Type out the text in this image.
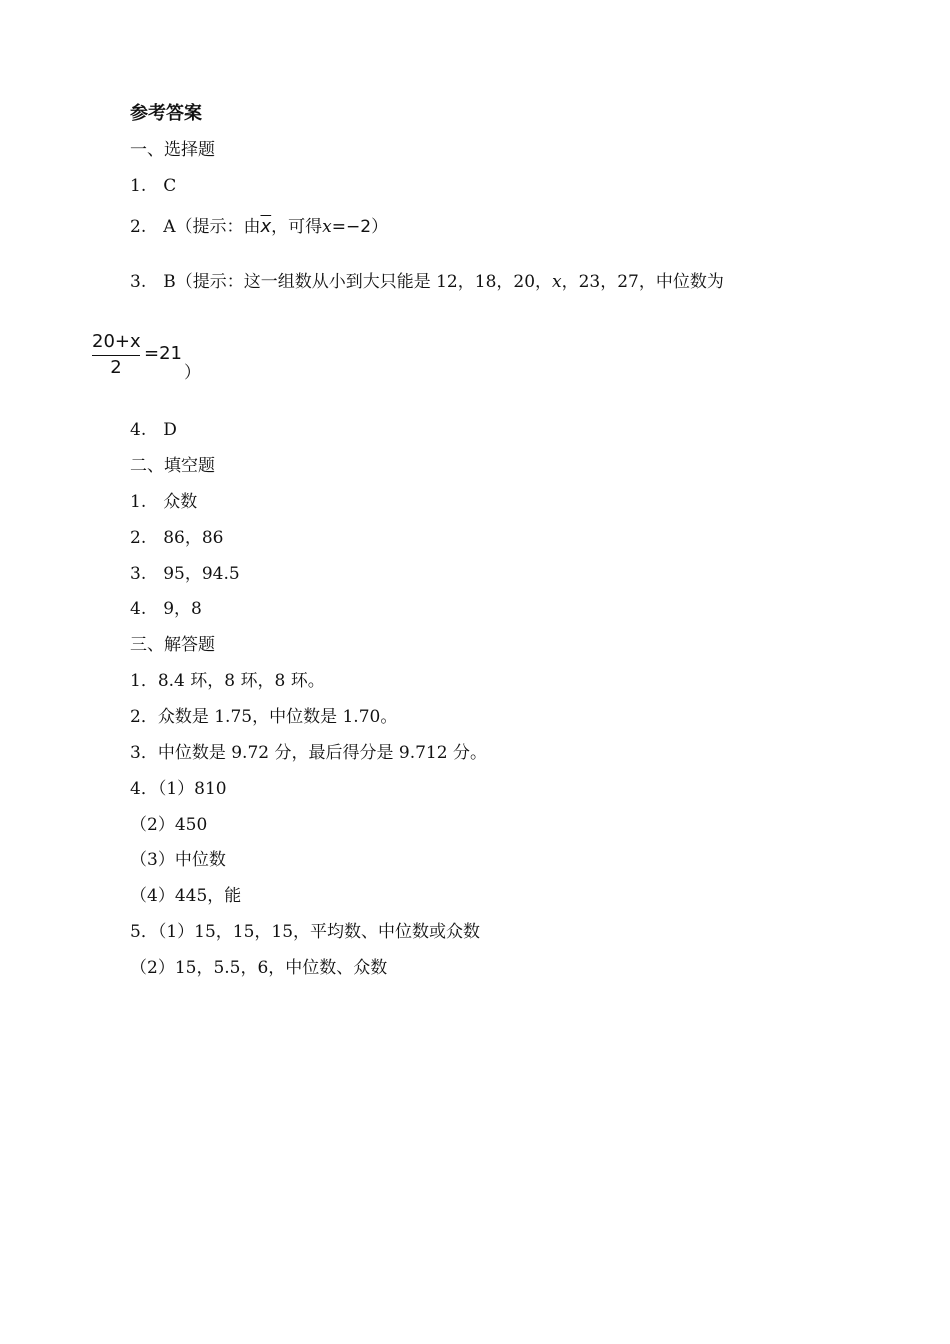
参考答案
一、选择题
1.　C
2.　A（提示：由$\overline{x}$，可得x=−2）
3.　B（提示：这一组数从小到大只能是 12，18，20，x，23，27，中位数为
20+x
2
=21
）
4.　D
二、填空题
1.　众数
2.　86，86
3.　95，94.5
4.　9，8
三、解答题
1．8.4 环，8 环，8 环。
2．众数是 1.75，中位数是 1.70。
3．中位数是 9.72 分，最后得分是 9.712 分。
4．（1）810
（2）450
（3）中位数
（4）445，能
5．（1）15，15，15，平均数、中位数或众数
（2）15，5.5，6，中位数、众数
